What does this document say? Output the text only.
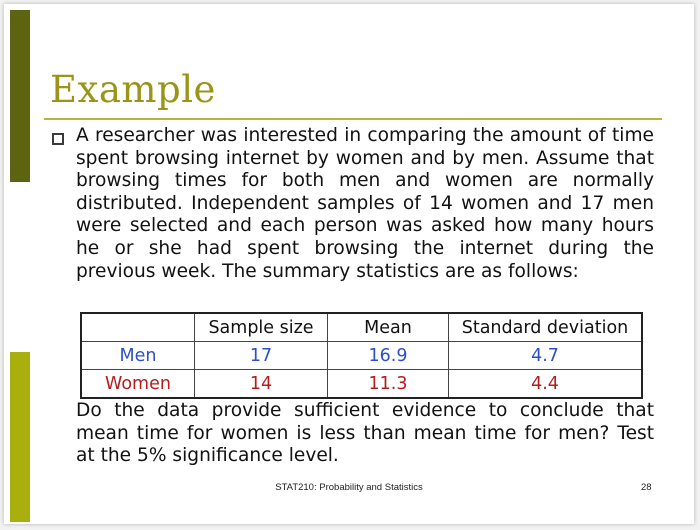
Example

A researcher was interested in comparing the amount of time spent browsing internet by women and by men. Assume that browsing times for both men and women are normally distributed. Independent samples of 14 women and 17 men were selected and each person was asked how many hours he or she had spent browsing the internet during the previous week. The summary statistics are as follows:

	Sample size	Mean	Standard deviation
Men	17	16.9	4.7
Women	14	11.3	4.4

Do the data provide sufficient evidence to conclude that mean time for women is less than mean time for men? Test at the 5% significance level.

STAT210: Probability and Statistics	28
